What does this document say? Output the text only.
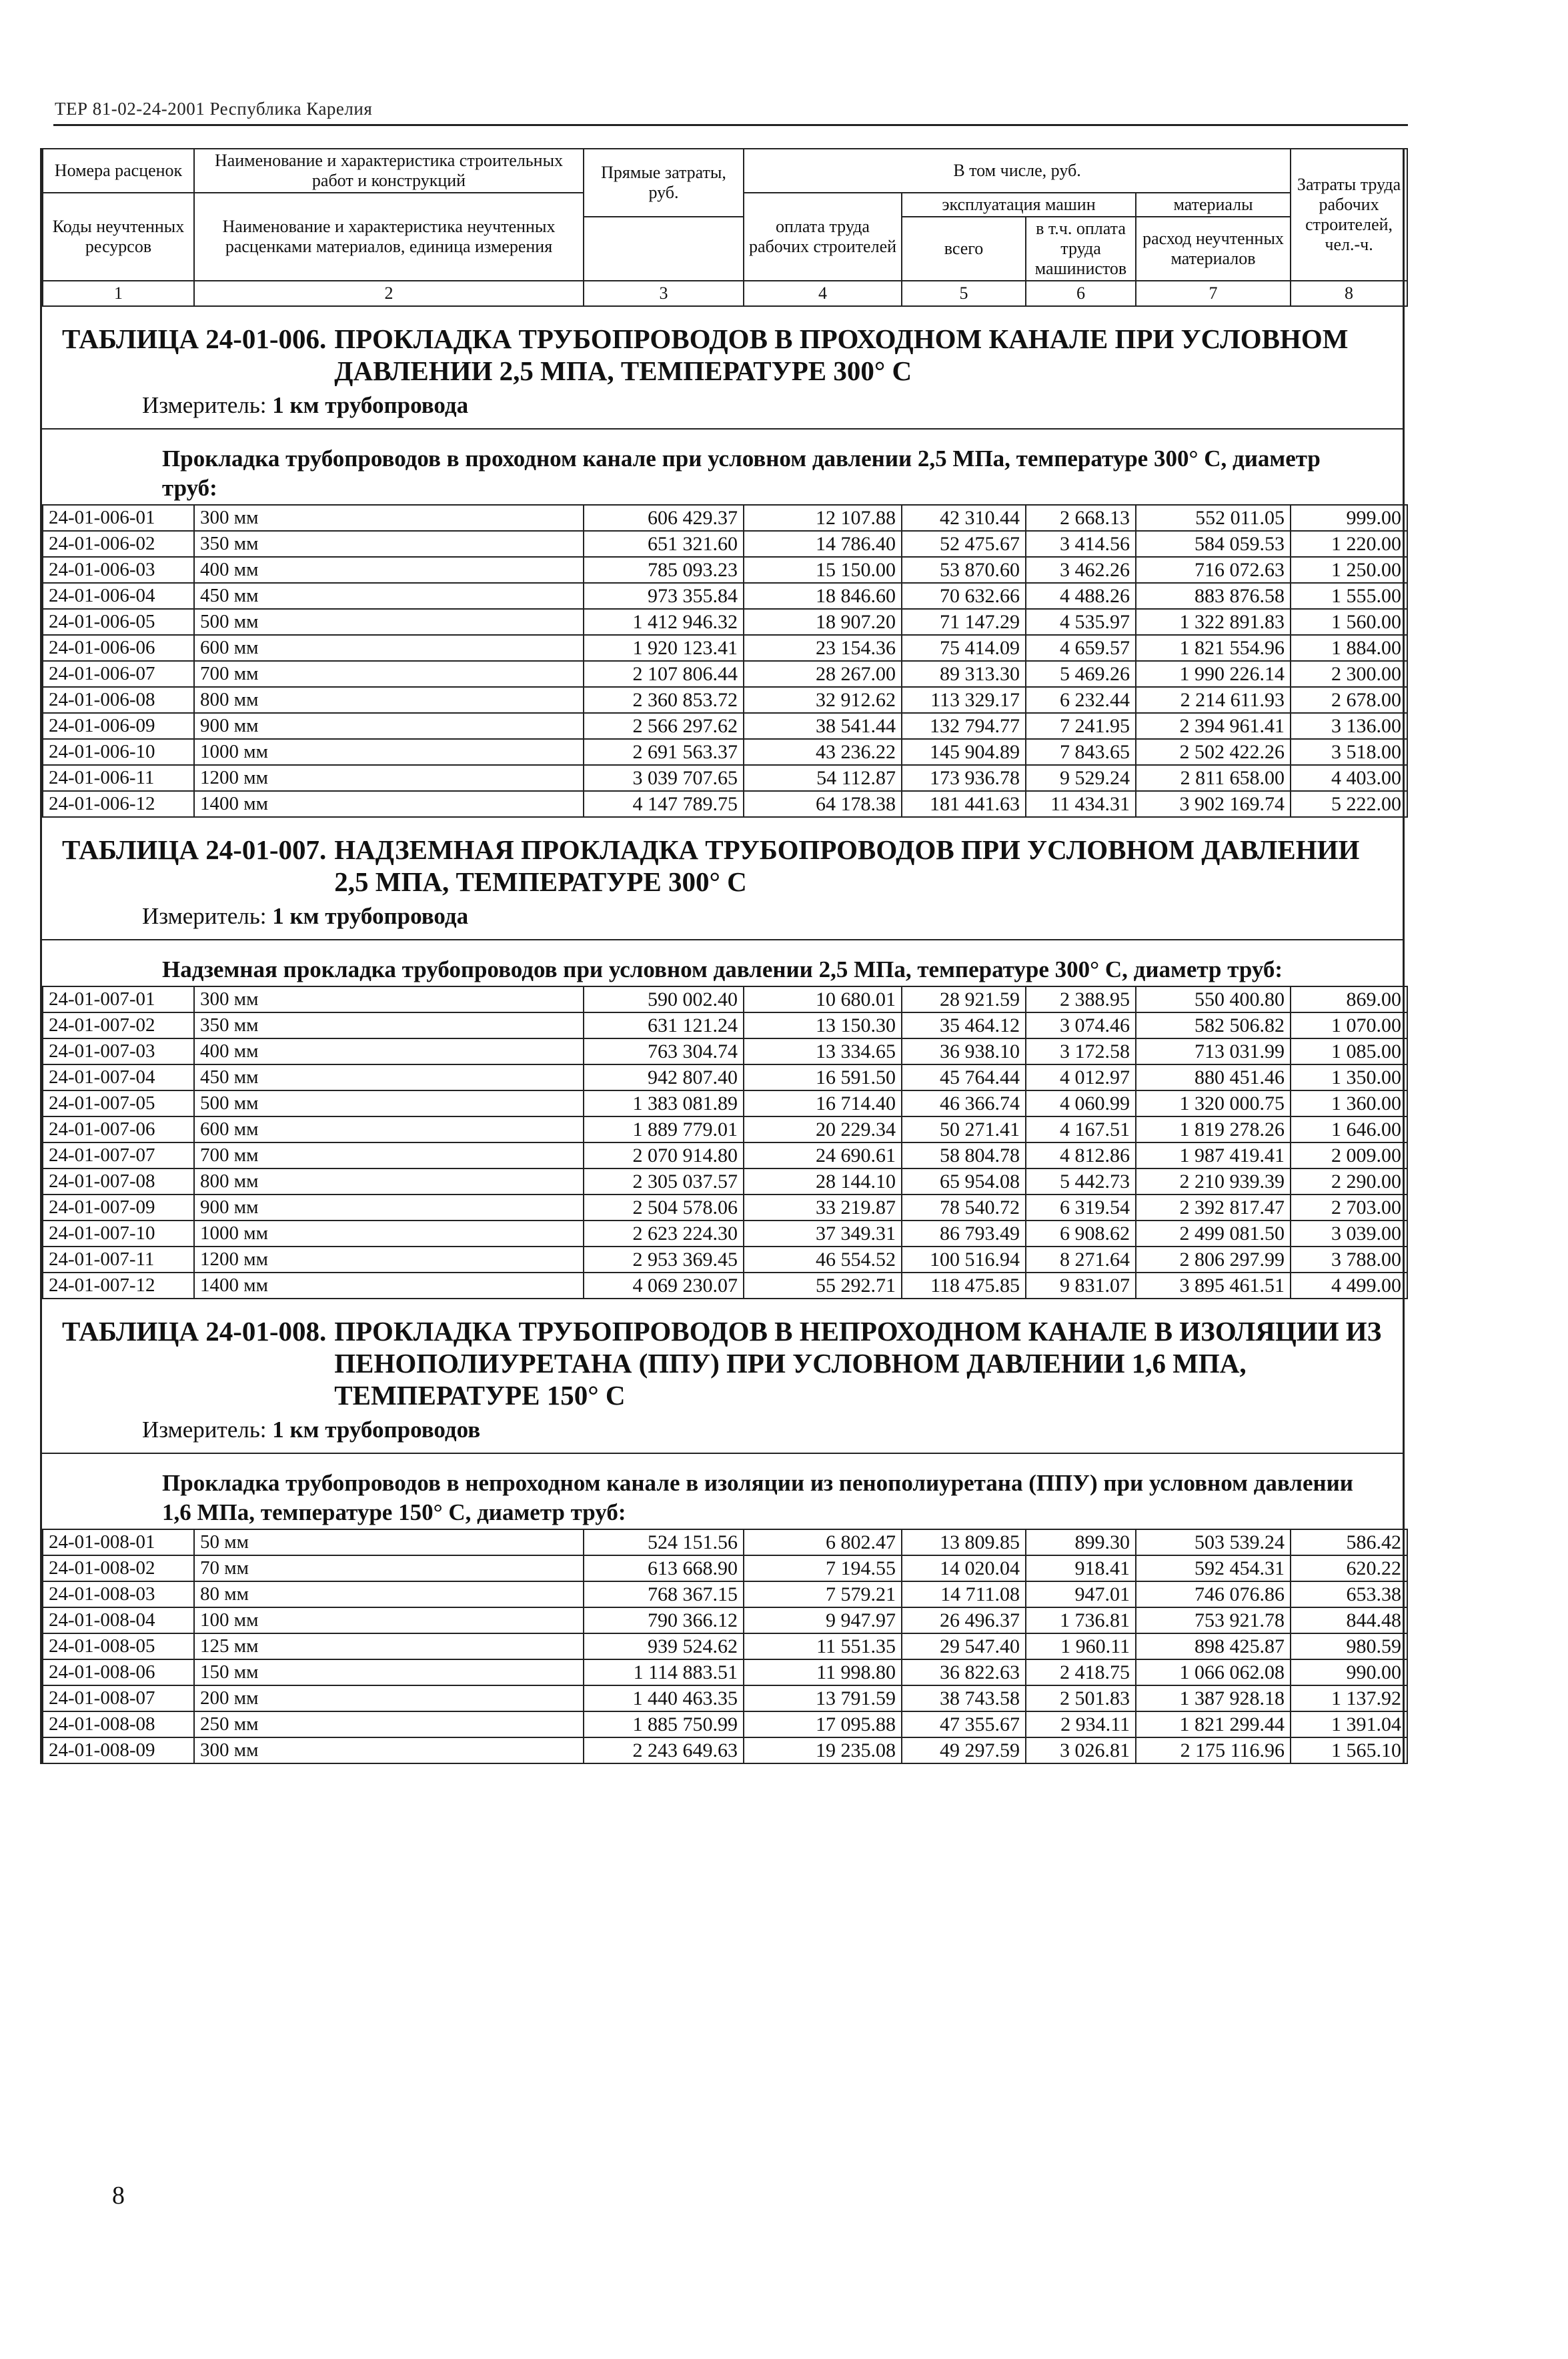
ТЕР 81-02-24-2001 Республика Карелия
Номера расценок	Наименование и характеристика строительных работ и конструкций	Прямые затраты, руб.	В том числе, руб.				Затраты труда рабочих строителей, чел.-ч.
Коды неучтенных ресурсов	Наименование и характеристика неучтенных расценками материалов, единица измерения		оплата труда рабочих строителей	эксплуатация машин		материалы	
				всего	в т.ч. оплата труда машинистов	расход неучтенных материалов	

1	2	3	4	5	6	7	8
ТАБЛИЦА 24-01-006. ПРОКЛАДКА ТРУБОПРОВОДОВ В ПРОХОДНОМ КАНАЛЕ ПРИ УСЛОВНОМ ДАВЛЕНИИ 2,5 МПА, ТЕМПЕРАТУРЕ 300° С
Измеритель: 1 км трубопровода
Прокладка трубопроводов в проходном канале при условном давлении 2,5 МПа, температуре 300° С, диаметр труб:
24-01-006-01	300 мм	606 429.37	12 107.88	42 310.44	2 668.13	552 011.05	999.00
24-01-006-02	350 мм	651 321.60	14 786.40	52 475.67	3 414.56	584 059.53	1 220.00
24-01-006-03	400 мм	785 093.23	15 150.00	53 870.60	3 462.26	716 072.63	1 250.00
24-01-006-04	450 мм	973 355.84	18 846.60	70 632.66	4 488.26	883 876.58	1 555.00
24-01-006-05	500 мм	1 412 946.32	18 907.20	71 147.29	4 535.97	1 322 891.83	1 560.00
24-01-006-06	600 мм	1 920 123.41	23 154.36	75 414.09	4 659.57	1 821 554.96	1 884.00
24-01-006-07	700 мм	2 107 806.44	28 267.00	89 313.30	5 469.26	1 990 226.14	2 300.00
24-01-006-08	800 мм	2 360 853.72	32 912.62	113 329.17	6 232.44	2 214 611.93	2 678.00
24-01-006-09	900 мм	2 566 297.62	38 541.44	132 794.77	7 241.95	2 394 961.41	3 136.00
24-01-006-10	1000 мм	2 691 563.37	43 236.22	145 904.89	7 843.65	2 502 422.26	3 518.00
24-01-006-11	1200 мм	3 039 707.65	54 112.87	173 936.78	9 529.24	2 811 658.00	4 403.00
24-01-006-12	1400 мм	4 147 789.75	64 178.38	181 441.63	11 434.31	3 902 169.74	5 222.00
ТАБЛИЦА 24-01-007. НАДЗЕМНАЯ ПРОКЛАДКА ТРУБОПРОВОДОВ ПРИ УСЛОВНОМ ДАВЛЕНИИ 2,5 МПА, ТЕМПЕРАТУРЕ 300° С
Измеритель: 1 км трубопровода
Надземная прокладка трубопроводов при условном давлении 2,5 МПа, температуре 300° С, диаметр труб:
24-01-007-01	300 мм	590 002.40	10 680.01	28 921.59	2 388.95	550 400.80	869.00
24-01-007-02	350 мм	631 121.24	13 150.30	35 464.12	3 074.46	582 506.82	1 070.00
24-01-007-03	400 мм	763 304.74	13 334.65	36 938.10	3 172.58	713 031.99	1 085.00
24-01-007-04	450 мм	942 807.40	16 591.50	45 764.44	4 012.97	880 451.46	1 350.00
24-01-007-05	500 мм	1 383 081.89	16 714.40	46 366.74	4 060.99	1 320 000.75	1 360.00
24-01-007-06	600 мм	1 889 779.01	20 229.34	50 271.41	4 167.51	1 819 278.26	1 646.00
24-01-007-07	700 мм	2 070 914.80	24 690.61	58 804.78	4 812.86	1 987 419.41	2 009.00
24-01-007-08	800 мм	2 305 037.57	28 144.10	65 954.08	5 442.73	2 210 939.39	2 290.00
24-01-007-09	900 мм	2 504 578.06	33 219.87	78 540.72	6 319.54	2 392 817.47	2 703.00
24-01-007-10	1000 мм	2 623 224.30	37 349.31	86 793.49	6 908.62	2 499 081.50	3 039.00
24-01-007-11	1200 мм	2 953 369.45	46 554.52	100 516.94	8 271.64	2 806 297.99	3 788.00
24-01-007-12	1400 мм	4 069 230.07	55 292.71	118 475.85	9 831.07	3 895 461.51	4 499.00
ТАБЛИЦА 24-01-008. ПРОКЛАДКА ТРУБОПРОВОДОВ В НЕПРОХОДНОМ КАНАЛЕ В ИЗОЛЯЦИИ ИЗ ПЕНОПОЛИУРЕТАНА (ППУ) ПРИ УСЛОВНОМ ДАВЛЕНИИ 1,6 МПА, ТЕМПЕРАТУРЕ 150° С
Измеритель: 1 км трубопроводов
Прокладка трубопроводов в непроходном канале в изоляции из пенополиуретана (ППУ) при условном давлении 1,6 МПа, температуре 150° С, диаметр труб:
24-01-008-01	50 мм	524 151.56	6 802.47	13 809.85	899.30	503 539.24	586.42
24-01-008-02	70 мм	613 668.90	7 194.55	14 020.04	918.41	592 454.31	620.22
24-01-008-03	80 мм	768 367.15	7 579.21	14 711.08	947.01	746 076.86	653.38
24-01-008-04	100 мм	790 366.12	9 947.97	26 496.37	1 736.81	753 921.78	844.48
24-01-008-05	125 мм	939 524.62	11 551.35	29 547.40	1 960.11	898 425.87	980.59
24-01-008-06	150 мм	1 114 883.51	11 998.80	36 822.63	2 418.75	1 066 062.08	990.00
24-01-008-07	200 мм	1 440 463.35	13 791.59	38 743.58	2 501.83	1 387 928.18	1 137.92
24-01-008-08	250 мм	1 885 750.99	17 095.88	47 355.67	2 934.11	1 821 299.44	1 391.04
24-01-008-09	300 мм	2 243 649.63	19 235.08	49 297.59	3 026.81	2 175 116.96	1 565.10
8
